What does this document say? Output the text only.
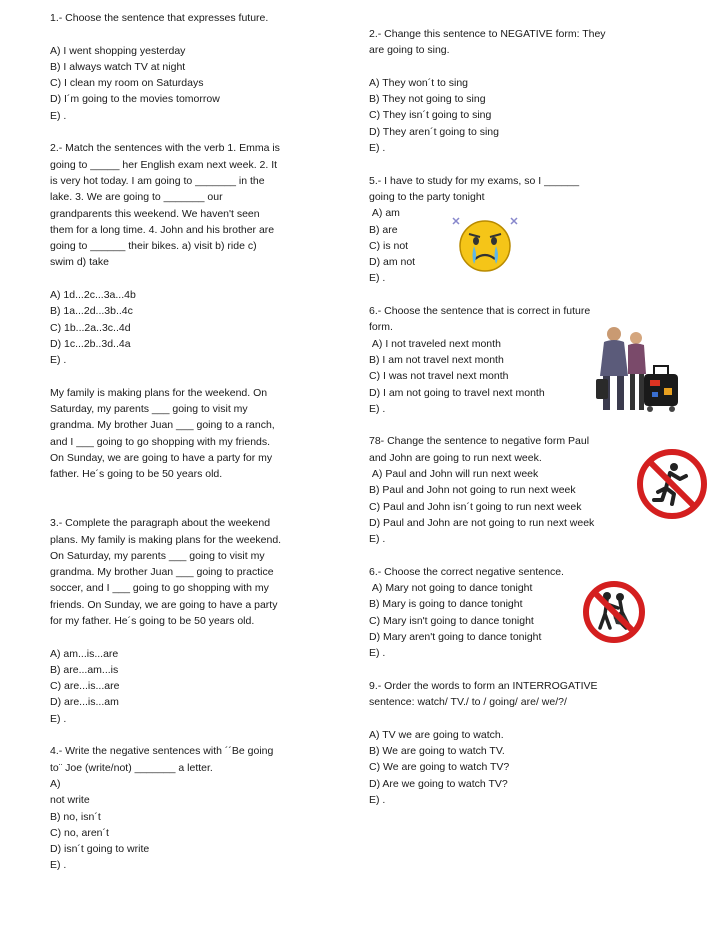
1.- Choose the sentence that expresses future.

A) I went shopping yesterday

B) I always watch TV at night

C) I clean my room on Saturdays

D) I´m going to the movies tomorrow

E) .

2.- Match the sentences with the verb 1. Emma is

going to _____ her English exam next week. 2. It

is very hot today. I am going to _______ in the

lake. 3. We are going to _______ our

grandparents this weekend. We haven't seen

them for a long time. 4. John and his brother are

going to ______ their bikes. a) visit b) ride c)

swim d) take

A) 1d...2c...3a...4b

B) 1a...2d...3b..4c

C) 1b...2a..3c..4d

D) 1c...2b..3d..4a

E) .

My family is making plans for the weekend. On

Saturday, my parents ___ going to visit my

grandma. My brother Juan ___ going to a ranch,

and I ___ going to go shopping with my friends.

On Sunday, we are going to have a party for my

father. He´s going to be 50 years old.

3.- Complete the paragraph about the weekend

plans. My family is making plans for the weekend.

On Saturday, my parents ___ going to visit my

grandma. My brother Juan ___ going to practice

soccer, and I ___ going to go shopping with my

friends. On Sunday, we are going to have a party

for my father. He´s going to be 50 years old.

A) am...is...are

B) are...am...is

C) are...is...are

D) are...is...am

E) .

4.- Write the negative sentences with ´´Be going

to¨ Joe (write/not) _______ a letter.

A)

not write

B) no, isn´t

C) no, aren´t

D) isn´t going to write

E) .

2.- Change this sentence to NEGATIVE form: They

are going to sing.

A) They won´t to sing

B) They not going to sing

C) They isn´t going to sing

D) They aren´t going to sing

E) .

5.- I have to study for my exams, so I ______

going to the party tonight

A) am

B) are

C) is not

D) am not

E) .

6.- Choose the sentence that is correct in future

form.

A) I not traveled next month

B) I am not travel next month

C) I was not travel next month

D) I am not going to travel next month

E) .

78- Change the sentence to negative form Paul

and John are going to run next week.

A) Paul and John will run next week

B) Paul and John not going to run next week

C) Paul and John isn´t going to run next week

D) Paul and John are not going to run next week

E) .

6.- Choose the correct negative sentence.

A) Mary not going to dance tonight

B) Mary is going to dance tonight

C) Mary isn't going to dance tonight

D) Mary aren't going to dance tonight

E) .

9.- Order the words to form an INTERROGATIVE

sentence: watch/ TV./ to / going/ are/ we/?/

A) TV we are going to watch.

B) We are going to watch TV.

C) We are going to watch TV?

D) Are we going to watch TV?

E) .
